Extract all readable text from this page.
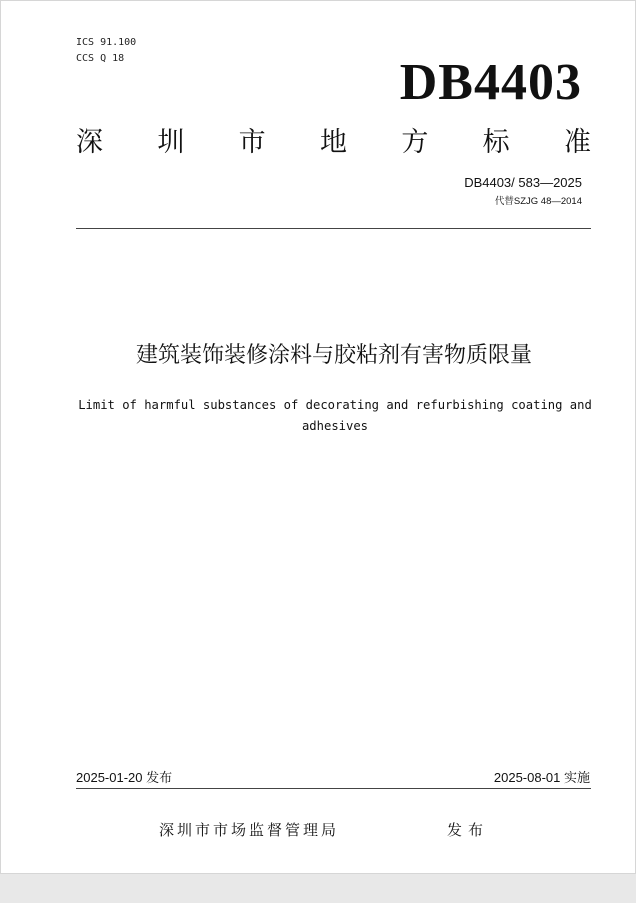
ICS 91.100
CCS Q 18	DB4403
深 圳 市 地 方 标 准
DB4403/ 583—2025
代替SZJG 48—2014
建筑装饰装修涂料与胶粘剂有害物质限量
Limit of harmful substances of decorating and refurbishing coating and
adhesives
2025-01-20 发布	2025-08-01 实施
深圳市市场监督管理局	发布
